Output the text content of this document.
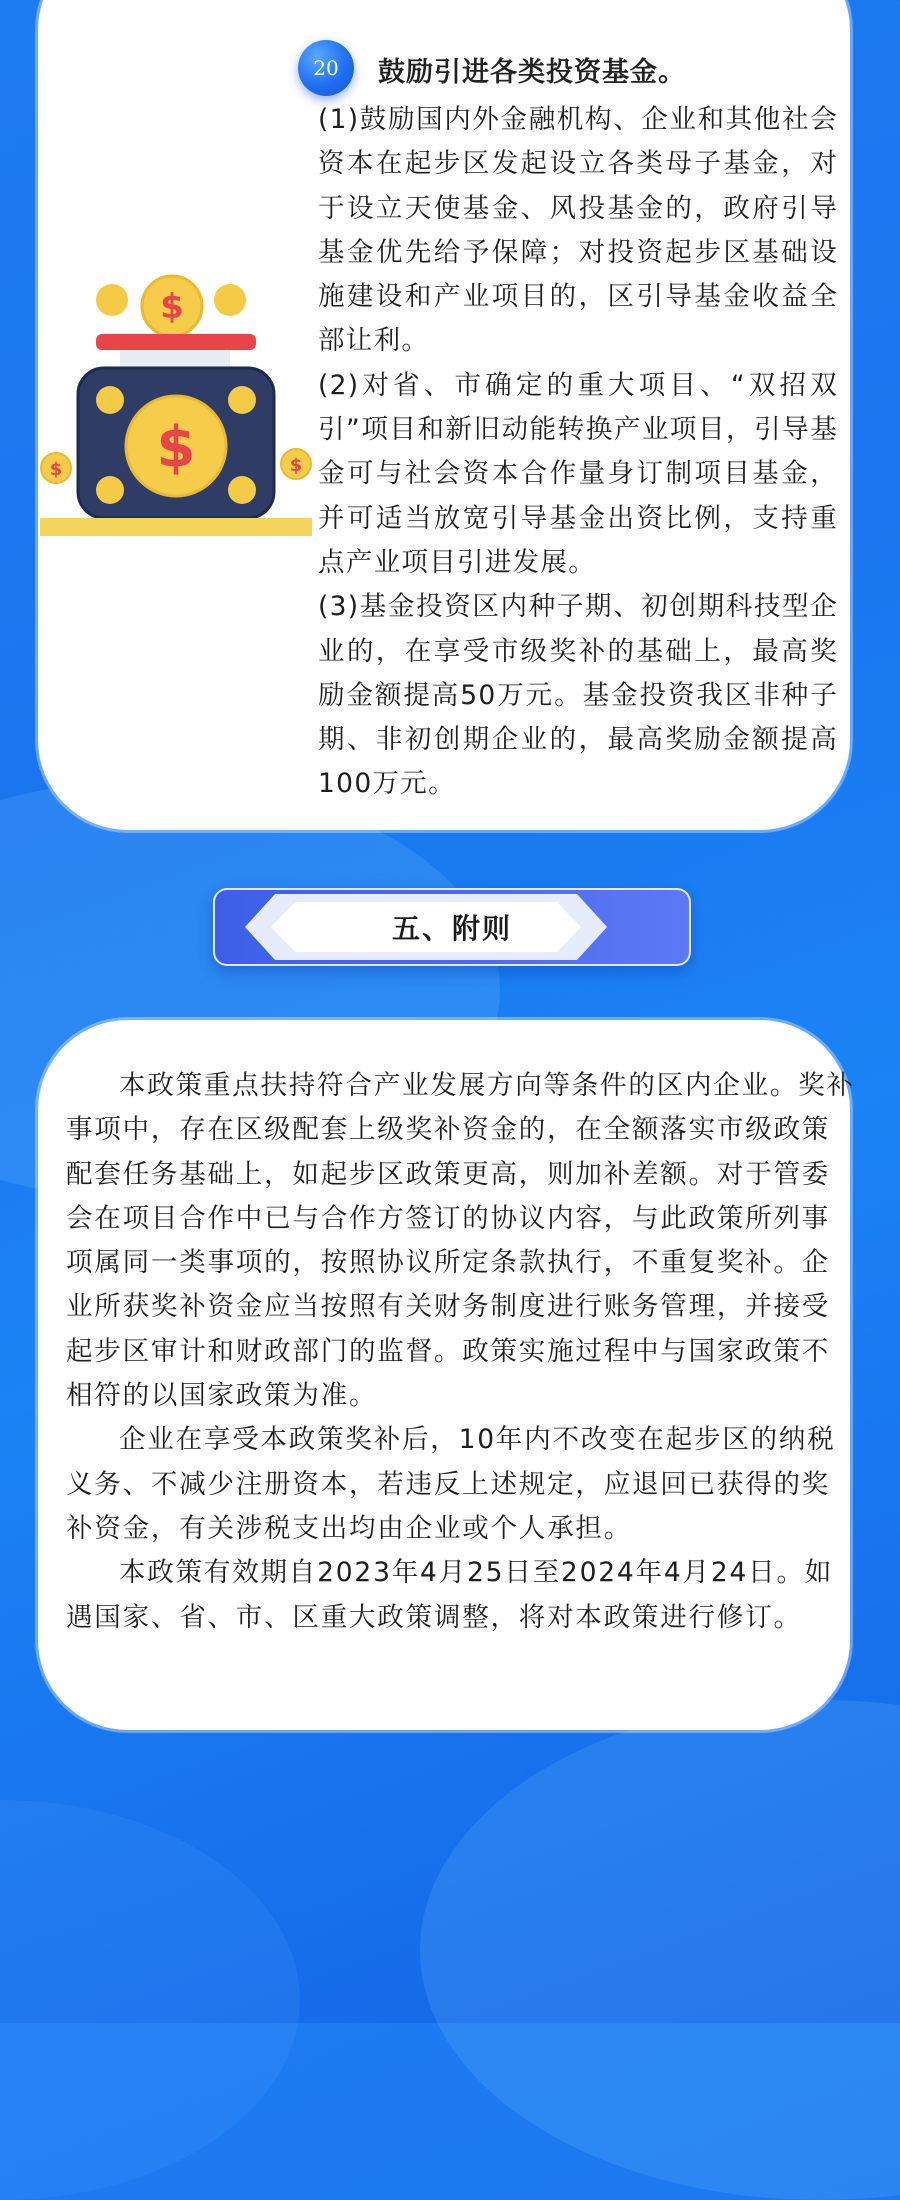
$
$
$	$
20	鼓励引进各类投资基金。

(1)鼓励国内外金融机构、企业和其他社会资本在起步区发起设立各类母子基金，对于设立天使基金、风投基金的，政府引导基金优先给予保障；对投资起步区基础设施建设和产业项目的，区引导基金收益全部让利。

(2)对省、市确定的重大项目、“双招双引”项目和新旧动能转换产业项目，引导基金可与社会资本合作量身订制项目基金，并可适当放宽引导基金出资比例，支持重点产业项目引进发展。

(3)基金投资区内种子期、初创期科技型企业的，在享受市级奖补的基础上，最高奖励金额提高50万元。基金投资我区非种子期、非初创期企业的，最高奖励金额提高100万元。

五、附则

本政策重点扶持符合产业发展方向等条件的区内企业。奖补事项中，存在区级配套上级奖补资金的，在全额落实市级政策配套任务基础上，如起步区政策更高，则加补差额。对于管委会在项目合作中已与合作方签订的协议内容，与此政策所列事项属同一类事项的，按照协议所定条款执行，不重复奖补。企业所获奖补资金应当按照有关财务制度进行账务管理，并接受起步区审计和财政部门的监督。政策实施过程中与国家政策不相符的以国家政策为准。

企业在享受本政策奖补后，10年内不改变在起步区的纳税义务、不减少注册资本，若违反上述规定，应退回已获得的奖补资金，有关涉税支出均由企业或个人承担。

本政策有效期自2023年4月25日至2024年4月24日。如遇国家、省、市、区重大政策调整，将对本政策进行修订。
